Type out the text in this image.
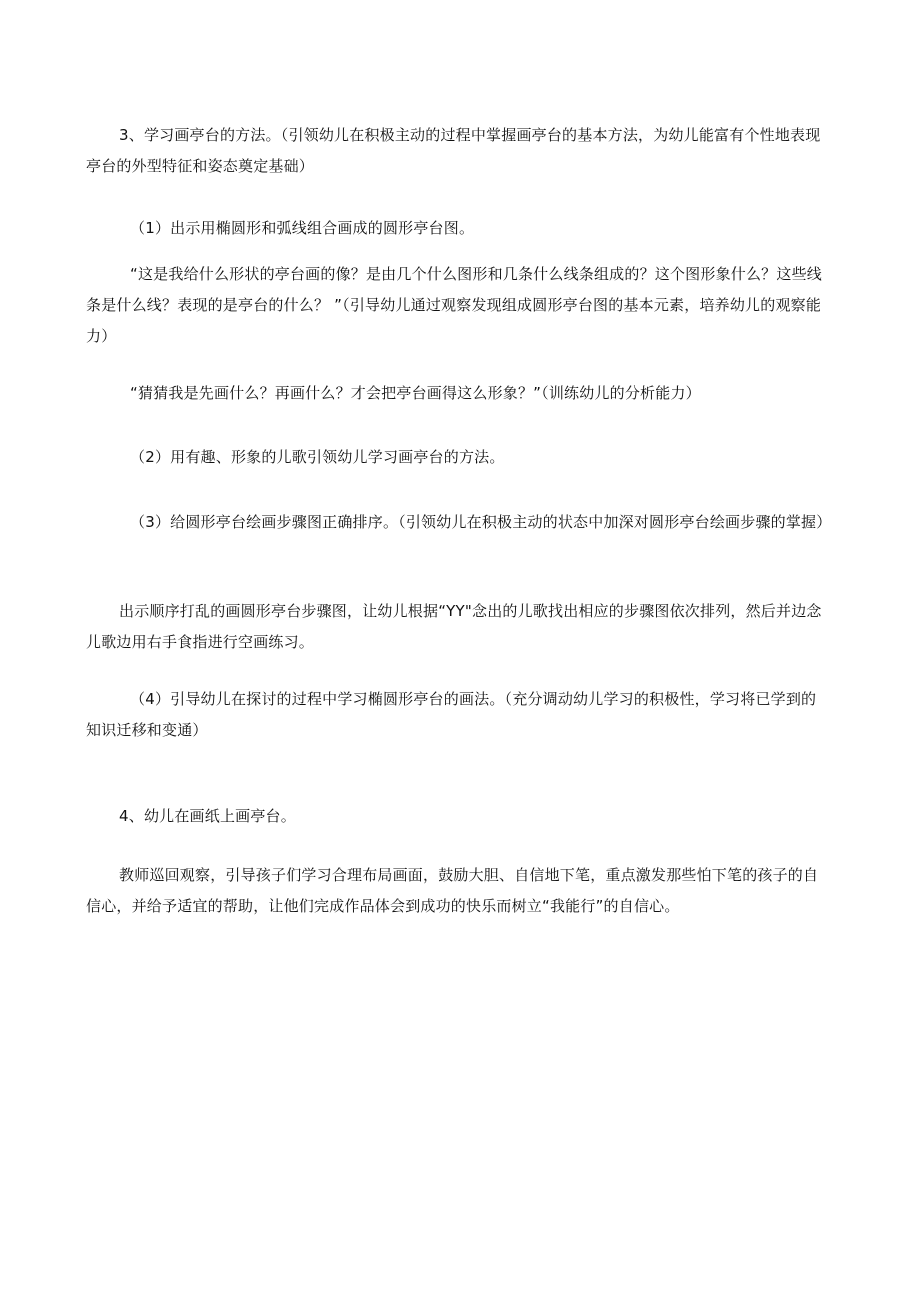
3、学习画亭台的方法。（引领幼儿在积极主动的过程中掌握画亭台的基本方法，为幼儿能富有个性地表现亭台的外型特征和姿态奠定基础）

（1）出示用椭圆形和弧线组合画成的圆形亭台图。

“这是我给什么形状的亭台画的像？是由几个什么图形和几条什么线条组成的？这个图形象什么？这些线条是什么线？表现的是亭台的什么？ ”（引导幼儿通过观察发现组成圆形亭台图的基本元素，培养幼儿的观察能力）

“猜猜我是先画什么？再画什么？才会把亭台画得这么形象？”（训练幼儿的分析能力）

（2）用有趣、形象的儿歌引领幼儿学习画亭台的方法。

（3）给圆形亭台绘画步骤图正确排序。（引领幼儿在积极主动的状态中加深对圆形亭台绘画步骤的掌握）

出示顺序打乱的画圆形亭台步骤图，让幼儿根据“YY"念出的儿歌找出相应的步骤图依次排列，然后并边念儿歌边用右手食指进行空画练习。

（4）引导幼儿在探讨的过程中学习椭圆形亭台的画法。（充分调动幼儿学习的积极性，学习将已学到的知识迁移和变通）

4、幼儿在画纸上画亭台。

教师巡回观察，引导孩子们学习合理布局画面，鼓励大胆、自信地下笔，重点激发那些怕下笔的孩子的自信心，并给予适宜的帮助，让他们完成作品体会到成功的快乐而树立“我能行”的自信心。
